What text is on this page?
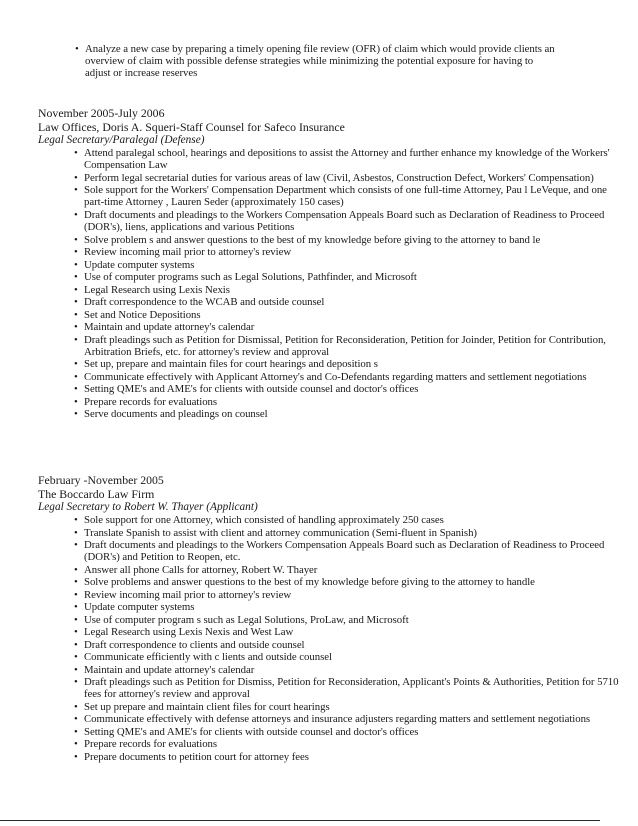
• Analyze a new case by preparing a timely opening file review (OFR) of claim which would provide clients an overview of claim with possible defense strategies while minimizing the potential exposure for having to adjust or increase reserves
November 2005-July 2006
Law Offices, Doris A. Squeri-Staff Counsel for Safeco Insurance
Legal Secretary/Paralegal (Defense)
• Attend paralegal school, hearings and depositions to assist the Attorney and further enhance my knowledge of the Workers' Compensation Law
• Perform legal secretarial duties for various areas of law (Civil, Asbestos, Construction Defect, Workers' Compensation)
• Sole support for the Workers' Compensation Department which consists of one full-time Attorney, Pau l LeVeque, and one part-time Attorney , Lauren Seder (approximately 150 cases)
• Draft documents and pleadings to the Workers Compensation Appeals Board such as Declaration of Readiness to Proceed (DOR's), liens, applications and various Petitions
• Solve problem s and answer questions to the best of my knowledge before giving to the attorney to band le
• Review incoming mail prior to attorney's review
• Update computer systems
• Use of computer programs such as Legal Solutions, Pathfinder, and Microsoft
• Legal Research using Lexis Nexis
• Draft correspondence to the WCAB and outside counsel
• Set and Notice Depositions
• Maintain and update attorney's calendar
• Draft pleadings such as Petition for Dismissal, Petition for Reconsideration, Petition for Joinder, Petition for Contribution, Arbitration Briefs, etc. for attorney's review and approval
• Set up, prepare and maintain files for court hearings and deposition s
• Communicate effectively with Applicant Attorney's and Co-Defendants regarding matters and settlement negotiations
• Setting QME's and AME's for clients with outside counsel and doctor's offices
• Prepare records for evaluations
• Serve documents and pleadings on counsel
February -November 2005
The Boccardo Law Firm
Legal Secretary to Robert W. Thayer (Applicant)
• Sole support for one Attorney, which consisted of handling approximately 250 cases
• Translate Spanish to assist with client and attorney communication (Semi-fluent in Spanish)
• Draft documents and pleadings to the Workers Compensation Appeals Board such as Declaration of Readiness to Proceed (DOR's) and Petition to Reopen, etc.
• Answer all phone Calls for attorney, Robert W. Thayer
• Solve problems and answer questions to the best of my knowledge before giving to the attorney to handle
• Review incoming mail prior to attorney's review
• Update computer systems
• Use of computer program s such as Legal Solutions, ProLaw, and Microsoft
• Legal Research using Lexis Nexis and West Law
• Draft correspondence to clients and outside counsel
• Communicate efficiently with c lients and outside counsel
• Maintain and update attorney's calendar
• Draft pleadings such as Petition for Dismiss, Petition for Reconsideration, Applicant's Points & Authorities, Petition for 5710 fees for attorney's review and approval
• Set up prepare and maintain client files for court hearings
• Communicate effectively with defense attorneys and insurance adjusters regarding matters and settlement negotiations
• Setting QME's and AME's for clients with outside counsel and doctor's offices
• Prepare records for evaluations
• Prepare documents to petition court for attorney fees
